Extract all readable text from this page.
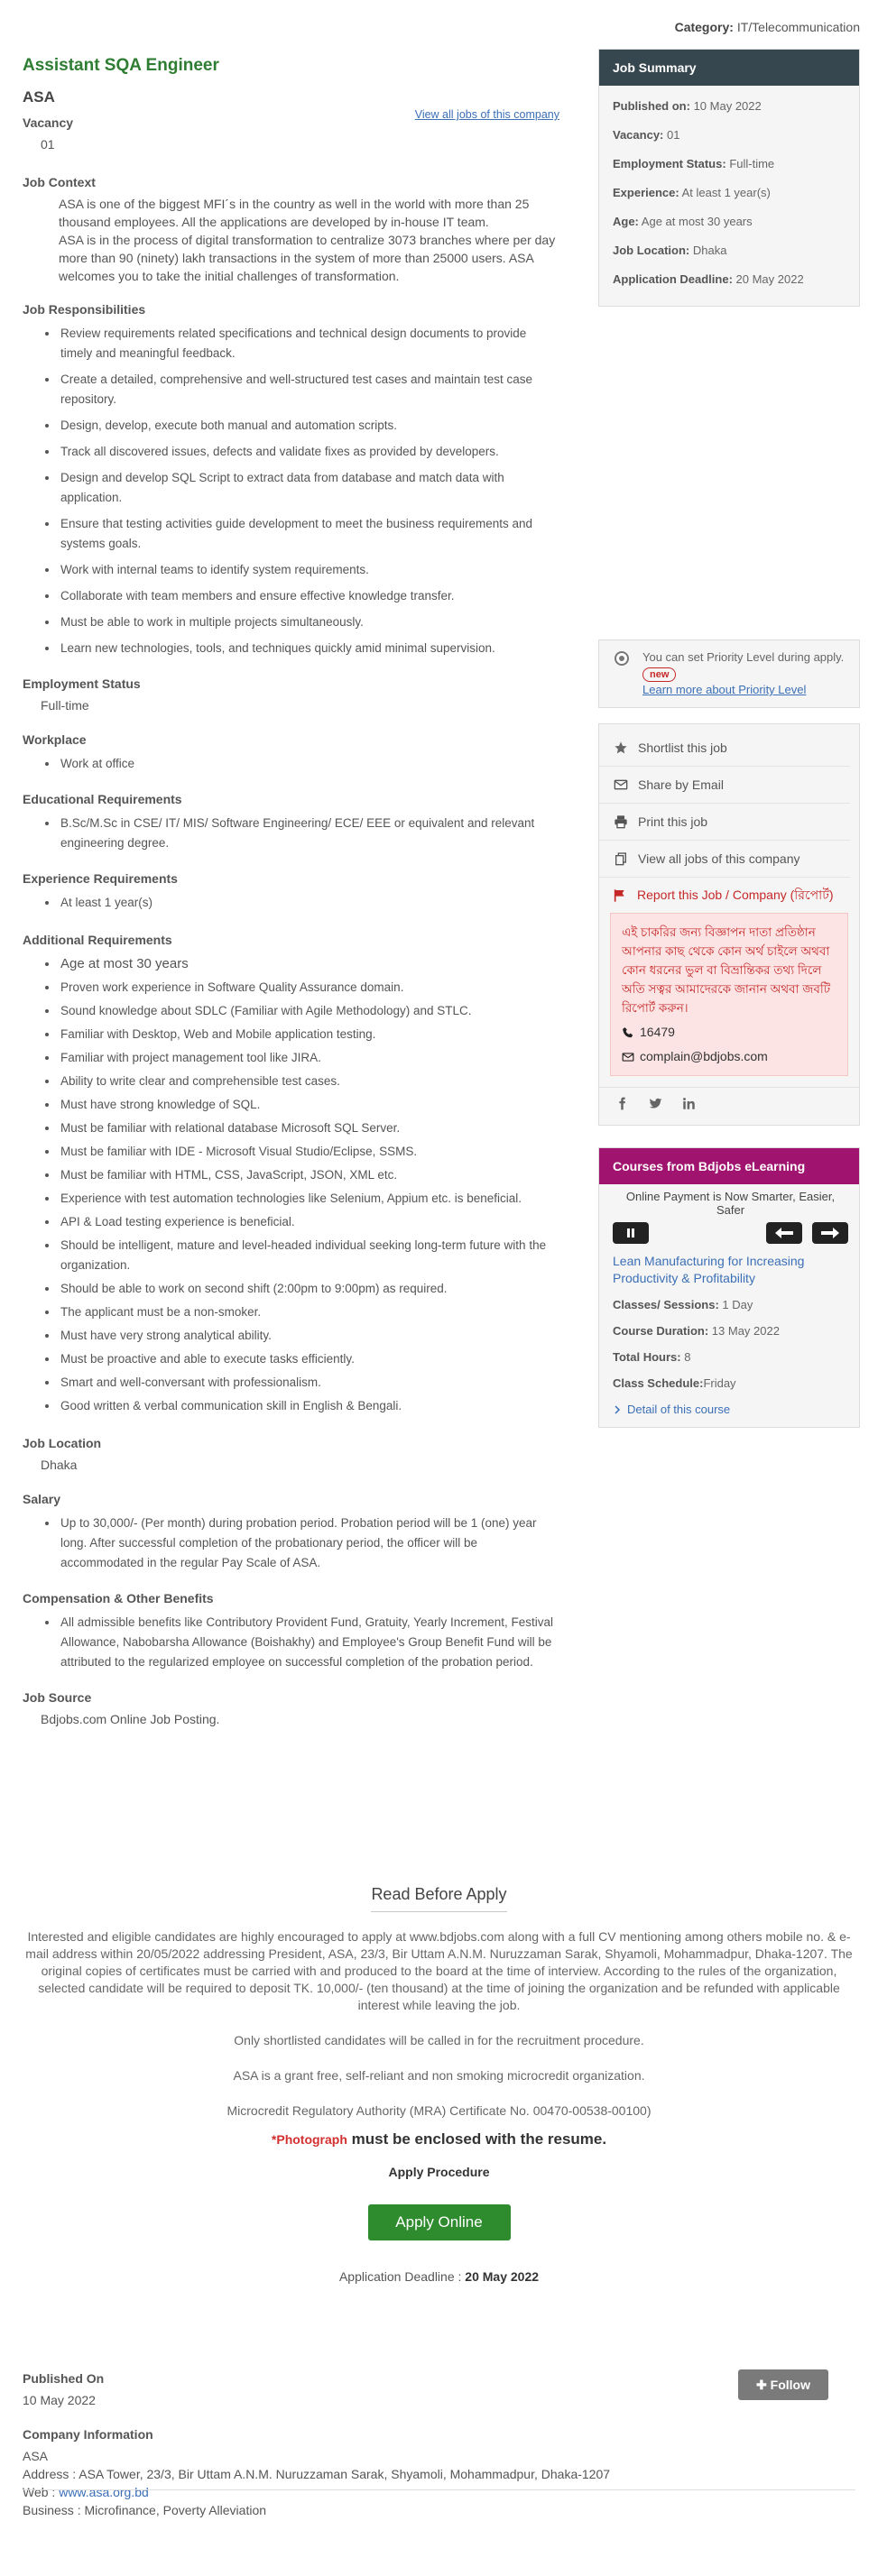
Category: IT/Telecommunication
Assistant SQA Engineer
ASA
View all jobs of this company
Vacancy
01
Job Context
ASA is one of the biggest MFI´s in the country as well in the world with more than 25 thousand employees. All the applications are developed by in-house IT team.
ASA is in the process of digital transformation to centralize 3073 branches where per day more than 90 (ninety) lakh transactions in the system of more than 25000 users. ASA welcomes you to take the initial challenges of transformation.
Job Responsibilities
• Review requirements related specifications and technical design documents to provide timely and meaningful feedback.
• Create a detailed, comprehensive and well-structured test cases and maintain test case repository.
• Design, develop, execute both manual and automation scripts.
• Track all discovered issues, defects and validate fixes as provided by developers.
• Design and develop SQL Script to extract data from database and match data with application.
• Ensure that testing activities guide development to meet the business requirements and systems goals.
• Work with internal teams to identify system requirements.
• Collaborate with team members and ensure effective knowledge transfer.
• Must be able to work in multiple projects simultaneously.
• Learn new technologies, tools, and techniques quickly amid minimal supervision.
Employment Status
Full-time
Workplace
• Work at office
Educational Requirements
• B.Sc/M.Sc in CSE/ IT/ MIS/ Software Engineering/ ECE/ EEE or equivalent and relevant engineering degree.
Experience Requirements
• At least 1 year(s)
Additional Requirements
• Age at most 30 years
• Proven work experience in Software Quality Assurance domain.
• Sound knowledge about SDLC (Familiar with Agile Methodology) and STLC.
• Familiar with Desktop, Web and Mobile application testing.
• Familiar with project management tool like JIRA.
• Ability to write clear and comprehensible test cases.
• Must have strong knowledge of SQL.
• Must be familiar with relational database Microsoft SQL Server.
• Must be familiar with IDE - Microsoft Visual Studio/Eclipse, SSMS.
• Must be familiar with HTML, CSS, JavaScript, JSON, XML etc.
• Experience with test automation technologies like Selenium, Appium etc. is beneficial.
• API & Load testing experience is beneficial.
• Should be intelligent, mature and level-headed individual seeking long-term future with the organization.
• Should be able to work on second shift (2:00pm to 9:00pm) as required.
• The applicant must be a non-smoker.
• Must have very strong analytical ability.
• Must be proactive and able to execute tasks efficiently.
• Smart and well-conversant with professionalism.
• Good written & verbal communication skill in English & Bengali.
Job Location
Dhaka
Salary
• Up to 30,000/- (Per month) during probation period. Probation period will be 1 (one) year long. After successful completion of the probationary period, the officer will be accommodated in the regular Pay Scale of ASA.
Compensation & Other Benefits
• All admissible benefits like Contributory Provident Fund, Gratuity, Yearly Increment, Festival Allowance, Nabobarsha Allowance (Boishakhy) and Employee's Group Benefit Fund will be attributed to the regularized employee on successful completion of the probation period.
Job Source
Bdjobs.com Online Job Posting.
Job Summary
Published on: 10 May 2022
Vacancy: 01
Employment Status: Full-time
Experience: At least 1 year(s)
Age: Age at most 30 years
Job Location: Dhaka
Application Deadline: 20 May 2022
You can set Priority Level during apply. new
Learn more about Priority Level
Shortlist this job
Share by Email
Print this job
View all jobs of this company
Report this Job / Company (রিপোর্ট)
এই চাকরির জন্য বিজ্ঞাপন দাতা প্রতিষ্ঠান আপনার কাছ থেকে কোন অর্থ চাইলে অথবা কোন ধরনের ভুল বা বিভ্রান্তিকর তথ্য দিলে অতি সত্বর আমাদেরকে জানান অথবা জবটি রিপোর্ট করুন।
16479
complain@bdjobs.com
Courses from Bdjobs eLearning
Online Payment is Now Smarter, Easier, Safer
Lean Manufacturing for Increasing Productivity & Profitability
Classes/ Sessions: 1 Day
Course Duration: 13 May 2022
Total Hours: 8
Class Schedule:Friday
Detail of this course
Read Before Apply
Interested and eligible candidates are highly encouraged to apply at www.bdjobs.com along with a full CV mentioning among others mobile no. & e-mail address within 20/05/2022 addressing President, ASA, 23/3, Bir Uttam A.N.M. Nuruzzaman Sarak, Shyamoli, Mohammadpur, Dhaka-1207. The original copies of certificates must be carried with and produced to the board at the time of interview. According to the rules of the organization, selected candidate will be required to deposit TK. 10,000/- (ten thousand) at the time of joining the organization and be refunded with applicable interest while leaving the job.
Only shortlisted candidates will be called in for the recruitment procedure.
ASA is a grant free, self-reliant and non smoking microcredit organization.
Microcredit Regulatory Authority (MRA) Certificate No. 00470-00538-00100)
*Photograph must be enclosed with the resume.
Apply Procedure
Apply Online
Application Deadline : 20 May 2022
✚ Follow
Published On
10 May 2022
Company Information
ASA
Address : ASA Tower, 23/3, Bir Uttam A.N.M. Nuruzzaman Sarak, Shyamoli, Mohammadpur, Dhaka-1207
Web : www.asa.org.bd
Business : Microfinance, Poverty Alleviation
